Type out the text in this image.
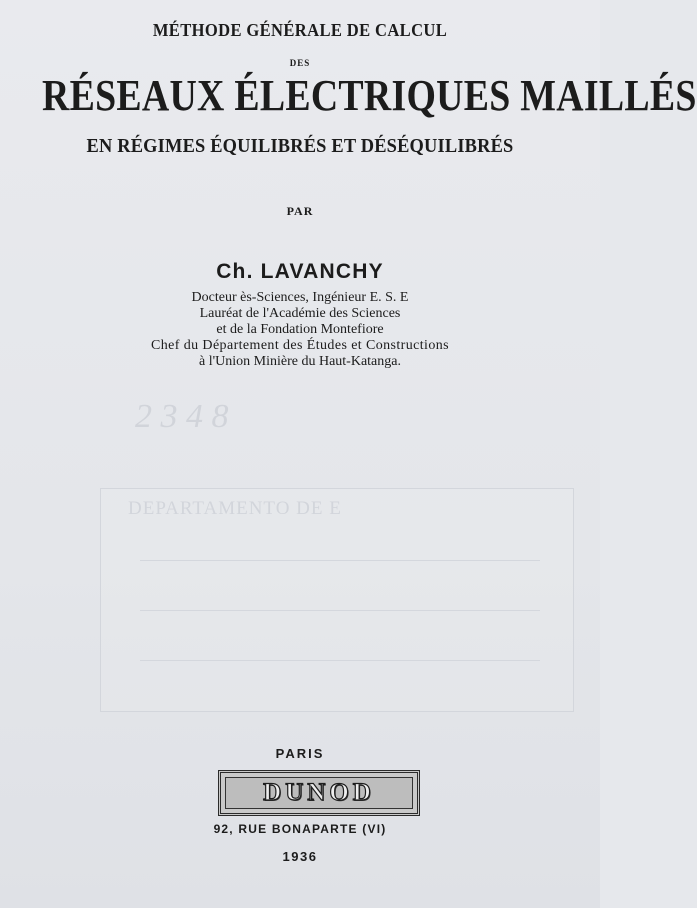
MÉTHODE GÉNÉRALE DE CALCUL
DES
RÉSEAUX ÉLECTRIQUES MAILLÉS
EN RÉGIMES ÉQUILIBRÉS ET DÉSÉQUILIBRÉS
PAR
Ch. LAVANCHY
Docteur ès-Sciences, Ingénieur E. S. E
Lauréat de l'Académie des Sciences
et de la Fondation Montefiore
Chef du Département des Études et Constructions
à l'Union Minière du Haut-Katanga.
2 3 4 8
DEPARTAMENTO DE E
PARIS
DUNOD
92, RUE BONAPARTE (VI)
1936
